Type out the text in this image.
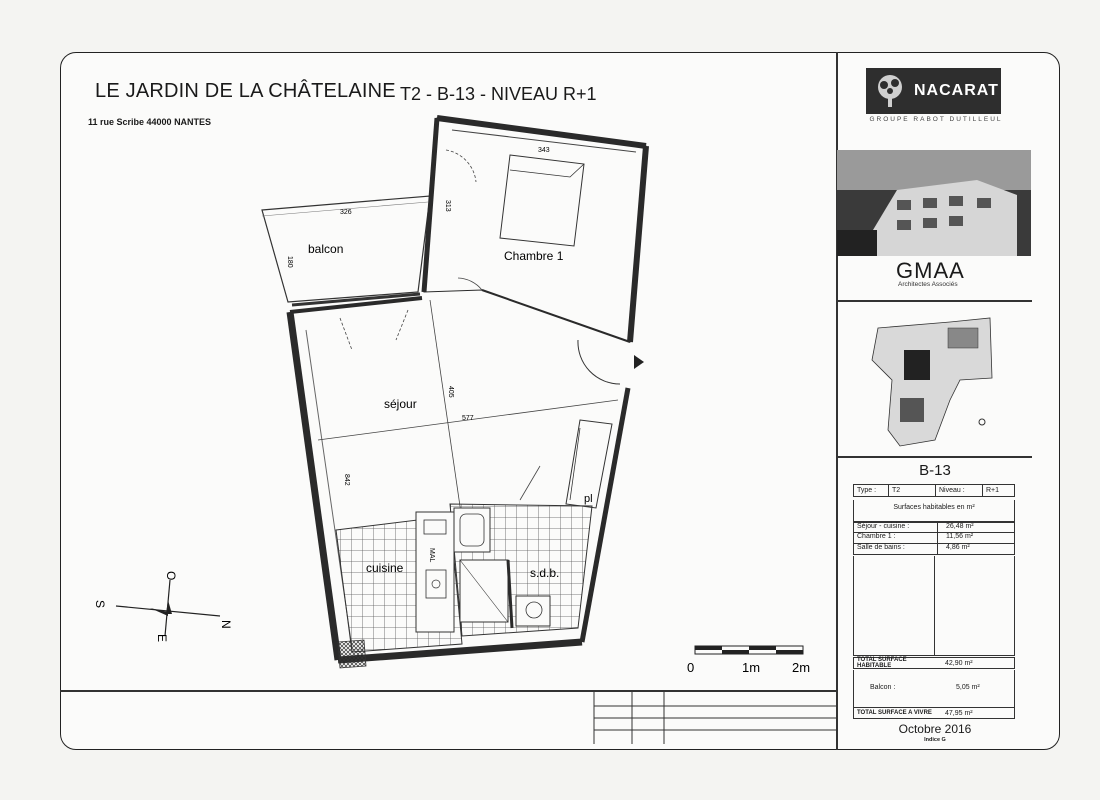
LE JARDIN DE LA CHÂTELAINE T2 - B-13 - NIVEAU R+1
11 rue Scribe 44000 NANTES
MAL
balcon	Chambre 1
séjour
cuisine	s.d.b.
pl
326
180
343
313
577
405
842
N
S
E
O
0	1m 2m
NACARAT
GROUPE RABOT DUTILLEUL
GMAA
Architectes Associés
B-13
Type :	T2	Niveau :	R+1
Surfaces habitables en m²
Séjour - cuisine :	26,48 m²
Chambre 1 :	11,56 m²
Salle de bains :	4,86 m²
TOTAL SURFACE HABITABLE	42,90 m²
Balcon :	5,05 m²
TOTAL SURFACE A VIVRE	47,95 m²
Octobre 2016
Indice G
